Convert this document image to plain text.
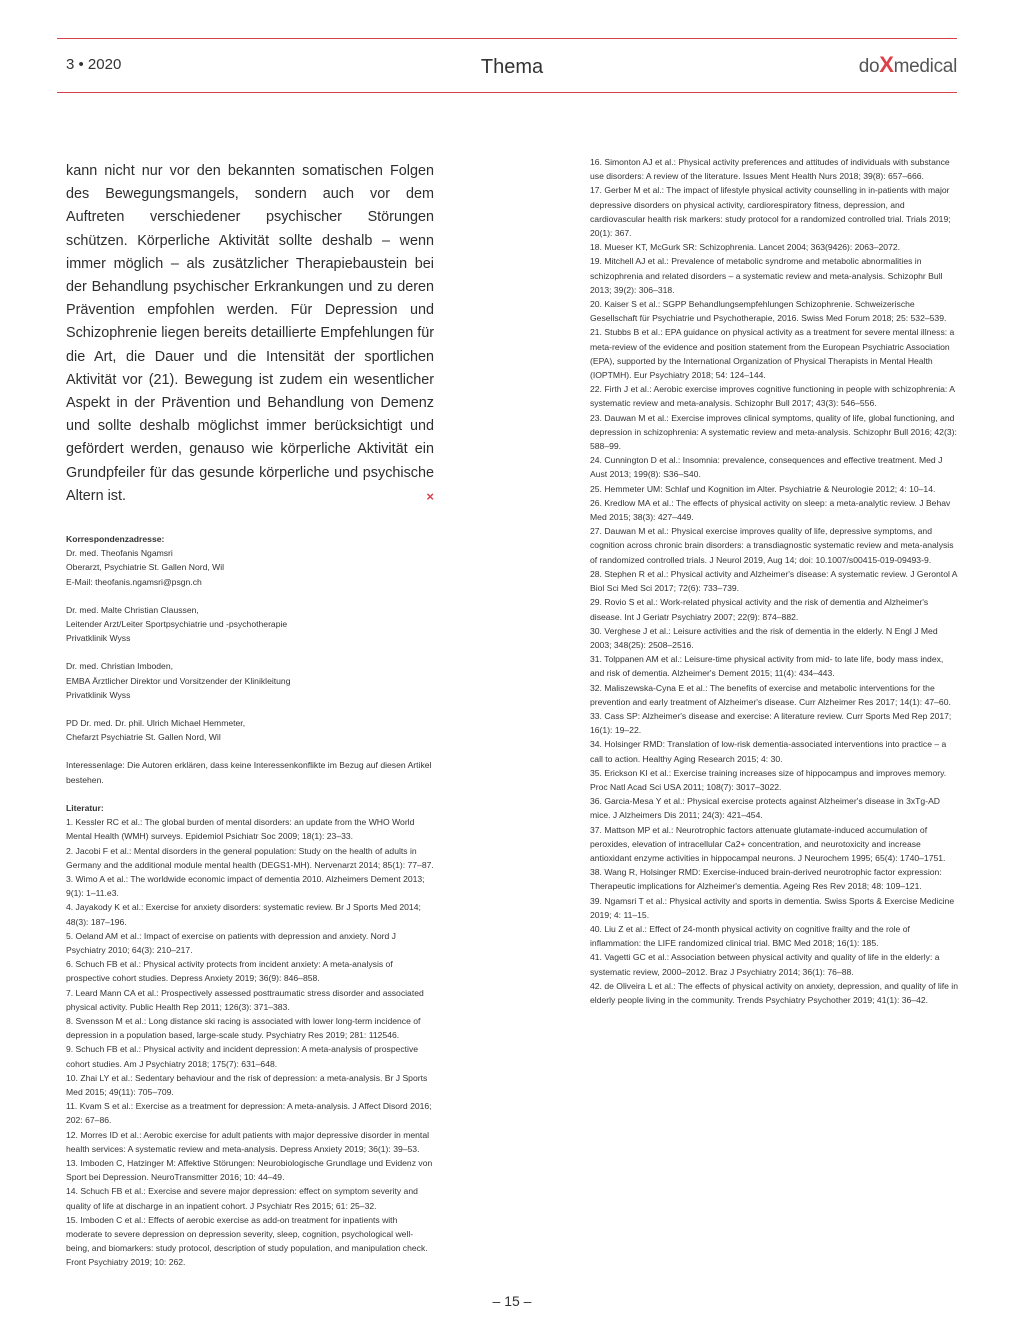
3 • 2020	Thema	doXmedical

kann nicht nur vor den bekannten somatischen Folgen des Bewegungsmangels, sondern auch vor dem Auftreten verschiedener psychischer Störungen schützen. Körperliche Aktivität sollte deshalb – wenn immer möglich – als zusätzlicher Therapiebaustein bei der Behandlung psychischer Erkrankungen und zu deren Prävention empfohlen werden. Für Depression und Schizophrenie liegen bereits detaillierte Empfehlungen für die Art, die Dauer und die Intensität der sportlichen Aktivität vor (21). Bewegung ist zudem ein wesentlicher Aspekt in der Prävention und Behandlung von Demenz und sollte deshalb möglichst immer berücksichtigt und gefördert werden, genauso wie körperliche Aktivität ein Grundpfeiler für das gesunde körperliche und psychische Altern ist.	×

Korrespondenzadresse:

Dr. med. Theofanis Ngamsri

Oberarzt, Psychiatrie St. Gallen Nord, Wil

E-Mail: theofanis.ngamsri@psgn.ch

Dr. med. Malte Christian Claussen,

Leitender Arzt/Leiter Sportpsychiatrie und -psychotherapie

Privatklinik Wyss

Dr. med. Christian Imboden,

EMBA Ärztlicher Direktor und Vorsitzender der Klinikleitung

Privatklinik Wyss

PD Dr. med. Dr. phil. Ulrich Michael Hemmeter,

Chefarzt Psychiatrie St. Gallen Nord, Wil

Interessenlage: Die Autoren erklären, dass keine Interessenkonflikte im Bezug auf diesen Artikel bestehen.

Literatur:

1. Kessler RC et al.: The global burden of mental disorders: an update from the WHO World Mental Health (WMH) surveys. Epidemiol Psichiatr Soc 2009; 18(1): 23–33.
2. Jacobi F et al.: Mental disorders in the general population: Study on the health of adults in Germany and the additional module mental health (DEGS1-MH). Nervenarzt 2014; 85(1): 77–87.
3. Wimo A et al.: The worldwide economic impact of dementia 2010. Alzheimers Dement 2013; 9(1): 1–11.e3.
4. Jayakody K et al.: Exercise for anxiety disorders: systematic review. Br J Sports Med 2014; 48(3): 187–196.
5. Oeland AM et al.: Impact of exercise on patients with depression and anxiety. Nord J Psychiatry 2010; 64(3): 210–217.
6. Schuch FB et al.: Physical activity protects from incident anxiety: A meta-analysis of prospective cohort studies. Depress Anxiety 2019; 36(9): 846–858.
7. Leard Mann CA et al.: Prospectively assessed posttraumatic stress disorder and associated physical activity. Public Health Rep 2011; 126(3): 371–383.
8. Svensson M et al.: Long distance ski racing is associated with lower long-term incidence of depression in a population based, large-scale study. Psychiatry Res 2019; 281: 112546.
9. Schuch FB et al.: Physical activity and incident depression: A meta-analysis of prospective cohort studies. Am J Psychiatry 2018; 175(7): 631–648.
10. Zhai LY et al.: Sedentary behaviour and the risk of depression: a meta-analysis. Br J Sports Med 2015; 49(11): 705–709.
11. Kvam S et al.: Exercise as a treatment for depression: A meta-analysis. J Affect Disord 2016; 202: 67–86.
12. Morres ID et al.: Aerobic exercise for adult patients with major depressive disorder in mental health services: A systematic review and meta-analysis. Depress Anxiety 2019; 36(1): 39–53.
13. Imboden C, Hatzinger M: Affektive Störungen: Neurobiologische Grundlage und Evidenz von Sport bei Depression. NeuroTransmitter 2016; 10: 44–49.
14. Schuch FB et al.: Exercise and severe major depression: effect on symptom severity and quality of life at discharge in an inpatient cohort. J Psychiatr Res 2015; 61: 25–32.
15. Imboden C et al.: Effects of aerobic exercise as add-on treatment for inpatients with moderate to severe depression on depression severity, sleep, cognition, psychological well-being, and biomarkers: study protocol, description of study population, and manipulation check. Front Psychiatry 2019; 10: 262.
16. Simonton AJ et al.: Physical activity preferences and attitudes of individuals with substance use disorders: A review of the literature. Issues Ment Health Nurs 2018; 39(8): 657–666.
17. Gerber M et al.: The impact of lifestyle physical activity counselling in in-patients with major depressive disorders on physical activity, cardiorespiratory fitness, depression, and cardiovascular health risk markers: study protocol for a randomized controlled trial. Trials 2019; 20(1): 367.
18. Mueser KT, McGurk SR: Schizophrenia. Lancet 2004; 363(9426): 2063–2072.
19. Mitchell AJ et al.: Prevalence of metabolic syndrome and metabolic abnormalities in schizophrenia and related disorders – a systematic review and meta-analysis. Schizophr Bull 2013; 39(2): 306–318.
20. Kaiser S et al.: SGPP Behandlungsempfehlungen Schizophrenie. Schweizerische Gesellschaft für Psychiatrie und Psychotherapie, 2016. Swiss Med Forum 2018; 25: 532–539.
21. Stubbs B et al.: EPA guidance on physical activity as a treatment for severe mental illness: a meta-review of the evidence and position statement from the European Psychiatric Association (EPA), supported by the International Organization of Physical Therapists in Mental Health (IOPTMH). Eur Psychiatry 2018; 54: 124–144.
22. Firth J et al.: Aerobic exercise improves cognitive functioning in people with schizophrenia: A systematic review and meta-analysis. Schizophr Bull 2017; 43(3): 546–556.
23. Dauwan M et al.: Exercise improves clinical symptoms, quality of life, global functioning, and depression in schizophrenia: A systematic review and meta-analysis. Schizophr Bull 2016; 42(3): 588–99.
24. Cunnington D et al.: Insomnia: prevalence, consequences and effective treatment. Med J Aust 2013; 199(8): S36–S40.
25. Hemmeter UM: Schlaf und Kognition im Alter. Psychiatrie & Neurologie 2012; 4: 10–14.
26. Kredlow MA et al.: The effects of physical activity on sleep: a meta-analytic review. J Behav Med 2015; 38(3): 427–449.
27. Dauwan M et al.: Physical exercise improves quality of life, depressive symptoms, and cognition across chronic brain disorders: a transdiagnostic systematic review and meta-analysis of randomized controlled trials. J Neurol 2019, Aug 14; doi: 10.1007/s00415-019-09493-9.
28. Stephen R et al.: Physical activity and Alzheimer's disease: A systematic review. J Gerontol A Biol Sci Med Sci 2017; 72(6): 733–739.
29. Rovio S et al.: Work-related physical activity and the risk of dementia and Alzheimer's disease. Int J Geriatr Psychiatry 2007; 22(9): 874–882.
30. Verghese J et al.: Leisure activities and the risk of dementia in the elderly. N Engl J Med 2003; 348(25): 2508–2516.
31. Tolppanen AM et al.: Leisure-time physical activity from mid- to late life, body mass index, and risk of dementia. Alzheimer's Dement 2015; 11(4): 434–443.
32. Maliszewska-Cyna E et al.: The benefits of exercise and metabolic interventions for the prevention and early treatment of Alzheimer's disease. Curr Alzheimer Res 2017; 14(1): 47–60.
33. Cass SP: Alzheimer's disease and exercise: A literature review. Curr Sports Med Rep 2017; 16(1): 19–22.
34. Holsinger RMD: Translation of low-risk dementia-associated interventions into practice – a call to action. Healthy Aging Research 2015; 4: 30.
35. Erickson KI et al.: Exercise training increases size of hippocampus and improves memory. Proc Natl Acad Sci USA 2011; 108(7): 3017–3022.
36. Garcia-Mesa Y et al.: Physical exercise protects against Alzheimer's disease in 3xTg-AD mice. J Alzheimers Dis 2011; 24(3): 421–454.
37. Mattson MP et al.: Neurotrophic factors attenuate glutamate-induced accumulation of peroxides, elevation of intracellular Ca2+ concentration, and neurotoxicity and increase antioxidant enzyme activities in hippocampal neurons. J Neurochem 1995; 65(4): 1740–1751.
38. Wang R, Holsinger RMD: Exercise-induced brain-derived neurotrophic factor expression: Therapeutic implications for Alzheimer's dementia. Ageing Res Rev 2018; 48: 109–121.
39. Ngamsri T et al.: Physical activity and sports in dementia. Swiss Sports & Exercise Medicine 2019; 4: 11–15.
40. Liu Z et al.: Effect of 24-month physical activity on cognitive frailty and the role of inflammation: the LIFE randomized clinical trial. BMC Med 2018; 16(1): 185.
41. Vagetti GC et al.: Association between physical activity and quality of life in the elderly: a systematic review, 2000–2012. Braz J Psychiatry 2014; 36(1): 76–88.
42. de Oliveira L et al.: The effects of physical activity on anxiety, depression, and quality of life in elderly people living in the community. Trends Psychiatry Psychother 2019; 41(1): 36–42.
– 15 –
